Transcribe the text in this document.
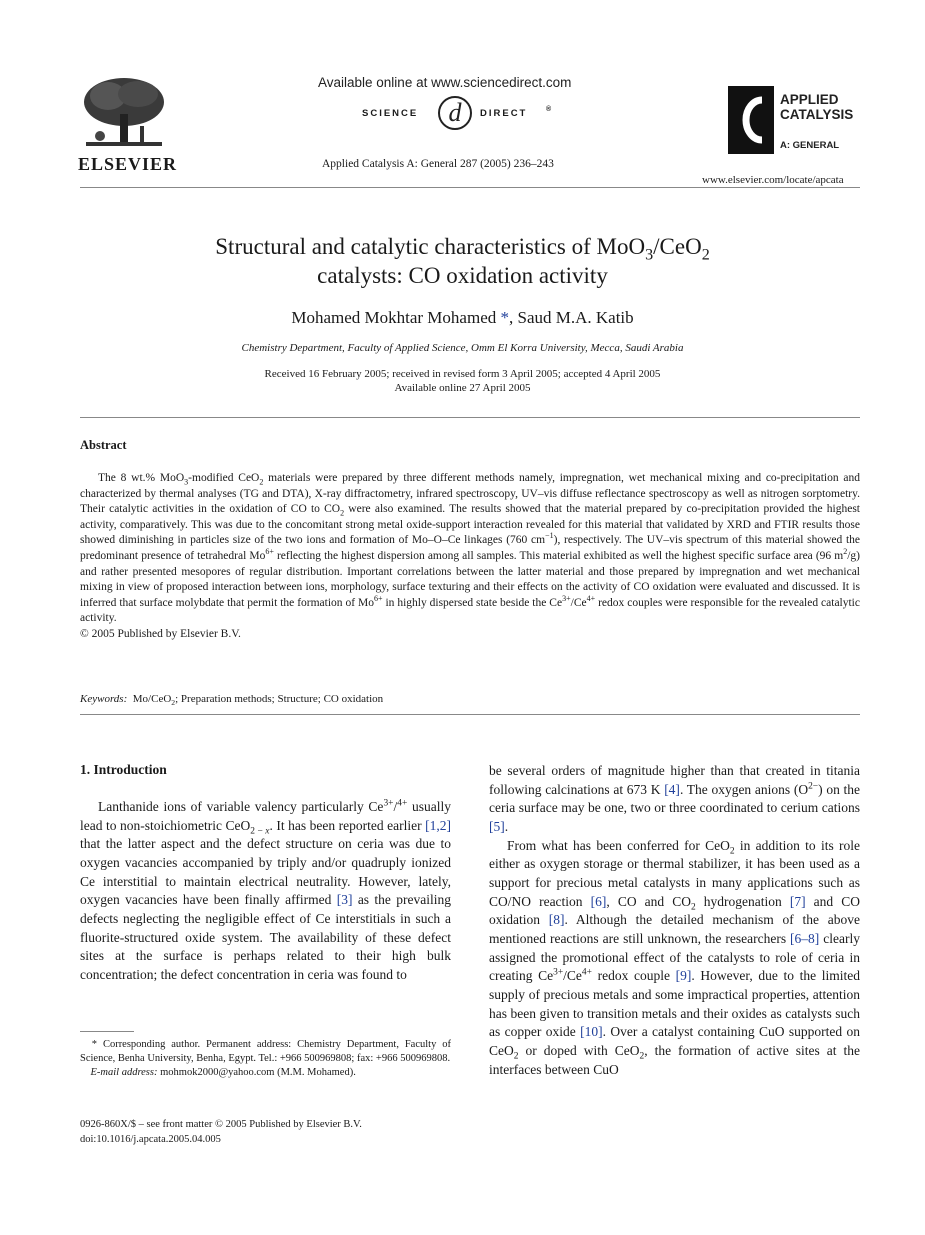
ELSEVIER
Available online at www.sciencedirect.com
SCIENCE d DIRECT	®
Applied Catalysis A: General 287 (2005) 236–243
APPLIED
CATALYSIS
A: GENERAL
www.elsevier.com/locate/apcata
Structural and catalytic characteristics of MoO$_3$/CeO$_2$
catalysts: CO oxidation activity
Mohamed Mokhtar Mohamed *, Saud M.A. Katib
Chemistry Department, Faculty of Applied Science, Omm El Korra University, Mecca, Saudi Arabia
Received 16 February 2005; received in revised form 3 April 2005; accepted 4 April 2005
Available online 27 April 2005
Abstract
The 8 wt.% MoO$_3$-modified CeO$_2$ materials were prepared by three different methods namely, impregnation, wet mechanical mixing and co-precipitation and characterized by thermal analyses (TG and DTA), X-ray diffractometry, infrared spectroscopy, UV–vis diffuse reflectance spectroscopy as well as nitrogen sorptometry. Their catalytic activities in the oxidation of CO to $CO_2$ were also examined. The results showed that the material prepared by co-precipitation provided the highest activity, comparatively. This was due to the concomitant strong metal oxide-support interaction revealed for this material that validated by XRD and FTIR results those showed diminishing in particles size of the two ions and formation of Mo–O–Ce linkages (760 $cm^{-1}$), respectively. The UV–vis spectrum of this material showed the predominant presence of tetrahedral $Mo^{6+}$ reflecting the highest dispersion among all samples. This material exhibited as well the highest specific surface area (96 $m^2/g$) and rather presented mesopores of regular distribution. Important correlations between the latter material and those prepared by impregnation and wet mechanical mixing in view of proposed interaction between ions, morphology, surface texturing and their effects on the activity of CO oxidation were evaluated and discussed. It is inferred that surface molybdate that permit the formation of $Mo^{6+}$ in highly dispersed state beside the $Ce^{3+}/Ce^{4+}$ redox couples were responsible for the revealed catalytic activity.
© 2005 Published by Elsevier B.V.
Keywords:  Mo/CeO$_2$; Preparation methods; Structure; CO oxidation
1. Introduction

Lanthanide ions of variable valency particularly $Ce^{3+}/^{4+}$ usually lead to non-stoichiometric CeO$_{2 - x}$. It has been reported earlier [1,2] that the latter aspect and the defect structure on ceria was due to oxygen vacancies accompanied by triply and/or quadruply ionized Ce interstitial to maintain electrical neutrality. However, lately, oxygen vacancies have been finally affirmed [3] as the prevailing defects neglecting the negligible effect of Ce interstitials in such a fluorite-structured oxide system. The availability of these defect sites at the surface is perhaps related to their high bulk concentration; the defect concentration in ceria was found to

be several orders of magnitude higher than that created in titania following calcinations at 673 K [4]. The oxygen anions $(O^{2-})$ on the ceria surface may be one, two or three coordinated to cerium cations [5].

From what has been conferred for CeO$_2$ in addition to its role either as oxygen storage or thermal stabilizer, it has been used as a support for precious metal catalysts in many applications such as CO/NO reaction [6], CO and $CO_2$ hydrogenation [7] and CO oxidation [8]. Although the detailed mechanism of the above mentioned reactions are still unknown, the researchers [6–8] clearly assigned the promotional effect of the catalysts to role of ceria in creating $Ce^{3+}/Ce^{4+}$ redox couple [9]. However, due to the limited supply of precious metals and some impractical properties, attention has been given to transition metals and their oxides as catalysts such as copper oxide [10]. Over a catalyst containing CuO supported on CeO$_2$ or doped with CeO$_2$, the formation of active sites at the interfaces between CuO

* Corresponding author. Permanent address: Chemistry Department, Faculty of Science, Benha University, Benha, Egypt. Tel.: +966 500969808; fax: +966 500969808.
E-mail address: mohmok2000@yahoo.com (M.M. Mohamed).
0926-860X/$ – see front matter © 2005 Published by Elsevier B.V.
doi:10.1016/j.apcata.2005.04.005
